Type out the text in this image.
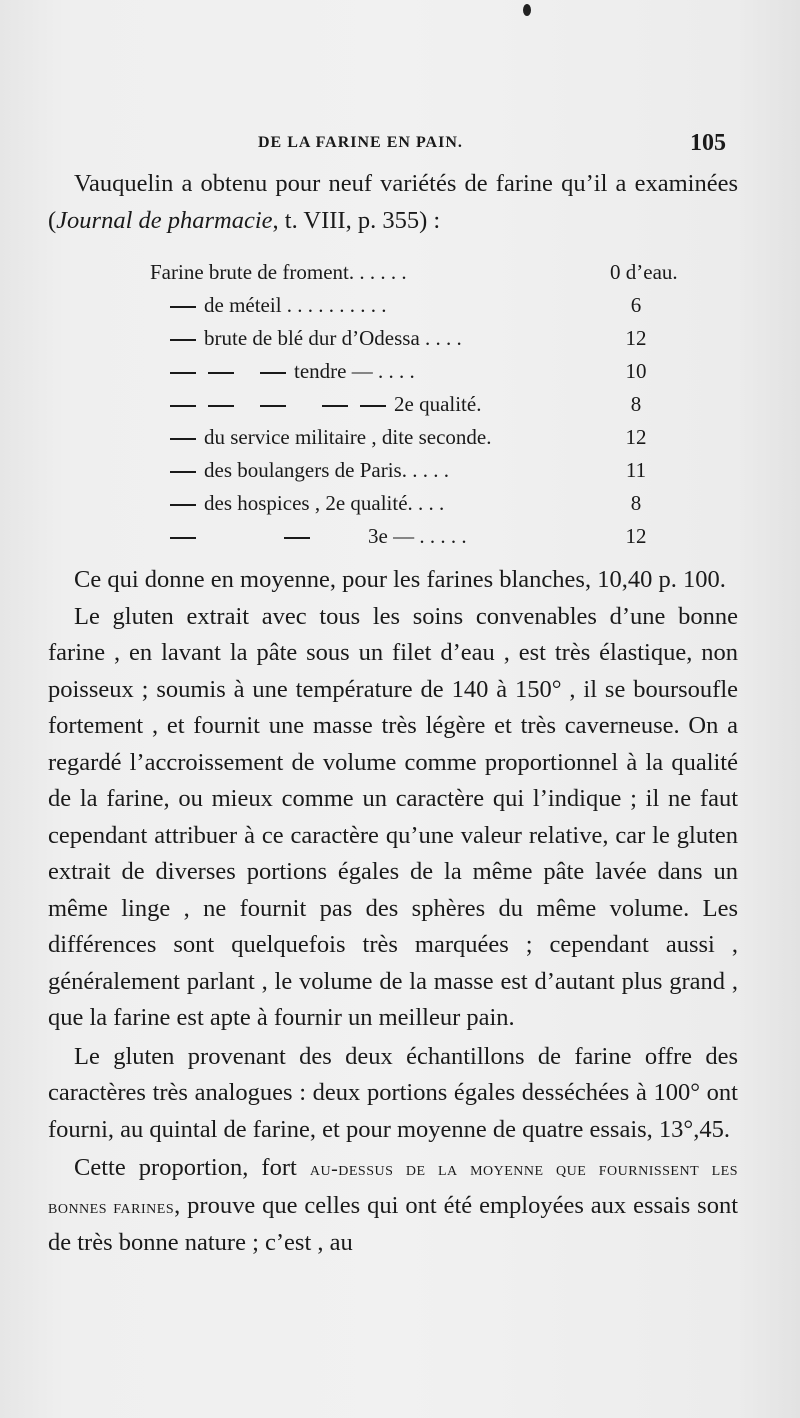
DE LA FARINE EN PAIN.	105

Vauquelin a obtenu pour neuf variétés de farine qu’il a examinées (Journal de pharmacie, t. VIII, p. 355) :

Farine brute de froment. . . . . .	0 d’eau.
de méteil . . . . . . . . . .	6
brute de blé dur d’Odessa . . . .	12
tendre — . . . .	10
2e qualité.	8
du service militaire , dite seconde.	12
des boulangers de Paris. . . . .	11
des hospices , 2e qualité. . . .	8
3e — . . . . .	12

Ce qui donne en moyenne, pour les farines blanches, 10,40 p. 100.

Le gluten extrait avec tous les soins convenables d’une bonne farine , en lavant la pâte sous un filet d’eau , est très élastique, non poisseux ; soumis à une température de 140 à 150° , il se boursoufle fortement , et fournit une masse très légère et très caverneuse. On a regardé l’accroissement de volume comme proportionnel à la qualité de la farine, ou mieux comme un caractère qui l’indique ; il ne faut cependant attribuer à ce caractère qu’une valeur relative, car le gluten extrait de diverses portions égales de la même pâte lavée dans un même linge , ne fournit pas des sphères du même volume. Les différences sont quelquefois très marquées ; cependant aussi , généralement parlant , le volume de la masse est d’autant plus grand , que la farine est apte à fournir un meilleur pain.

Le gluten provenant des deux échantillons de farine offre des caractères très analogues : deux portions égales desséchées à 100° ont fourni, au quintal de farine, et pour moyenne de quatre essais, 13°,45.

Cette proportion, fort au-dessus de la moyenne que fournissent les bonnes farines, prouve que celles qui ont été employées aux essais sont de très bonne nature ; c’est , au
